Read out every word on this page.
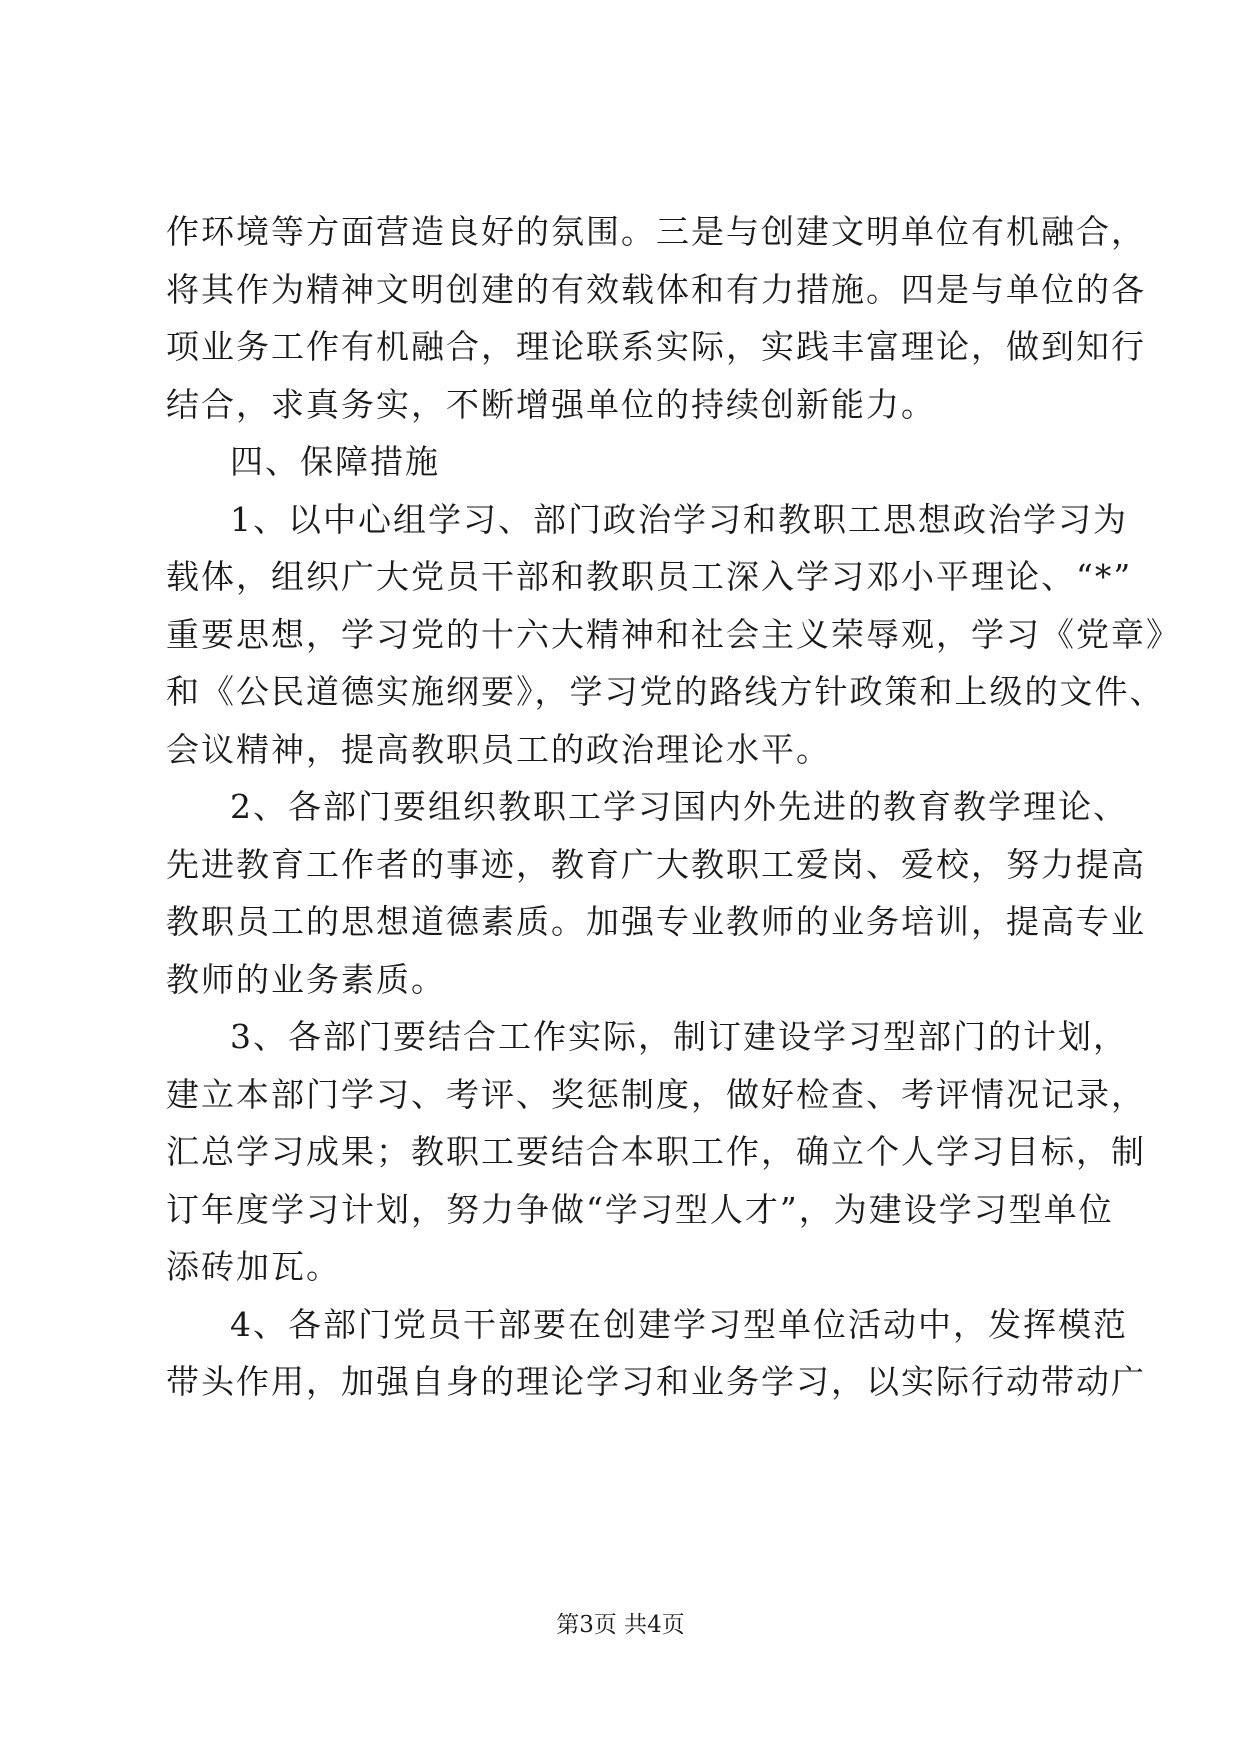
作环境等方面营造良好的氛围。三是与创建文明单位有机融合，
将其作为精神文明创建的有效载体和有力措施。四是与单位的各
项业务工作有机融合，理论联系实际，实践丰富理论，做到知行
结合，求真务实，不断增强单位的持续创新能力。
四、保障措施
1、以中心组学习、部门政治学习和教职工思想政治学习为
载体，组织广大党员干部和教职员工深入学习邓小平理论、“*”
重要思想，学习党的十六大精神和社会主义荣辱观，学习《党章》
和《公民道德实施纲要》，学习党的路线方针政策和上级的文件、
会议精神，提高教职员工的政治理论水平。
2、各部门要组织教职工学习国内外先进的教育教学理论、
先进教育工作者的事迹，教育广大教职工爱岗、爱校，努力提高
教职员工的思想道德素质。加强专业教师的业务培训，提高专业
教师的业务素质。
3、各部门要结合工作实际，制订建设学习型部门的计划，
建立本部门学习、考评、奖惩制度，做好检查、考评情况记录，
汇总学习成果；教职工要结合本职工作，确立个人学习目标，制
订年度学习计划，努力争做“学习型人才”，为建设学习型单位
添砖加瓦。
4、各部门党员干部要在创建学习型单位活动中，发挥模范
带头作用，加强自身的理论学习和业务学习，以实际行动带动广
第3页 共4页
